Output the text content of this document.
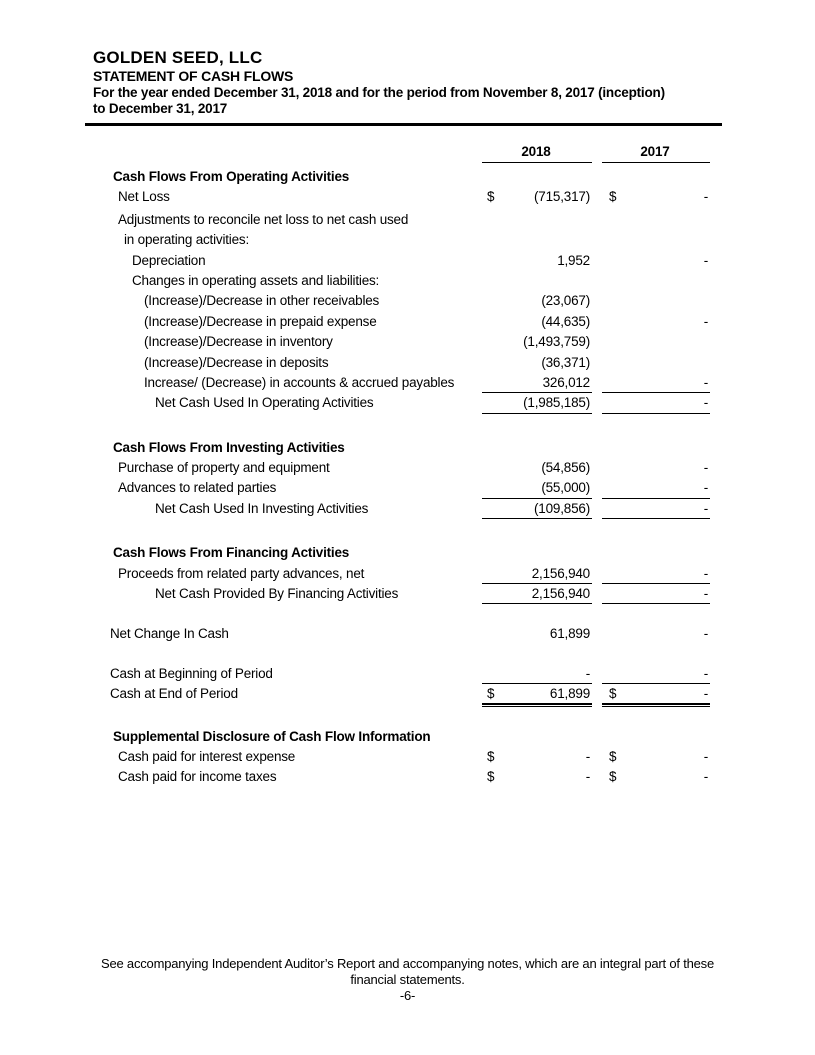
GOLDEN SEED, LLC
STATEMENT OF CASH FLOWS
For the year ended December 31, 2018 and for the period from November 8, 2017 (inception)
to December 31, 2017
2018	2017
Cash Flows From Operating Activities
Net Loss	$	(715,317) $	-
Adjustments to reconcile net loss to net cash used
in operating activities:
Depreciation	1,952	-
Changes in operating assets and liabilities:
(Increase)/Decrease in other receivables	(23,067)
(Increase)/Decrease in prepaid expense	(44,635)	-
(Increase)/Decrease in inventory	(1,493,759)
(Increase)/Decrease in deposits	(36,371)
Increase/ (Decrease) in accounts & accrued payables	326,012	-
Net Cash Used In Operating Activities	(1,985,185)	-
Cash Flows From Investing Activities
Purchase of property and equipment	(54,856)	-
Advances to related parties	(55,000)	-
Net Cash Used In Investing Activities	(109,856)	-
Cash Flows From Financing Activities
Proceeds from related party advances, net	2,156,940	-
Net Cash Provided By Financing Activities	2,156,940	-
Net Change In Cash	61,899	-
Cash at Beginning of Period	-	-
Cash at End of Period	$	61,899 $	-
Supplemental Disclosure of Cash Flow Information
Cash paid for interest expense	$	- $	-
Cash paid for income taxes	$	- $	-
See accompanying Independent Auditor’s Report and accompanying notes, which are an integral part of these financial statements.
-6-
